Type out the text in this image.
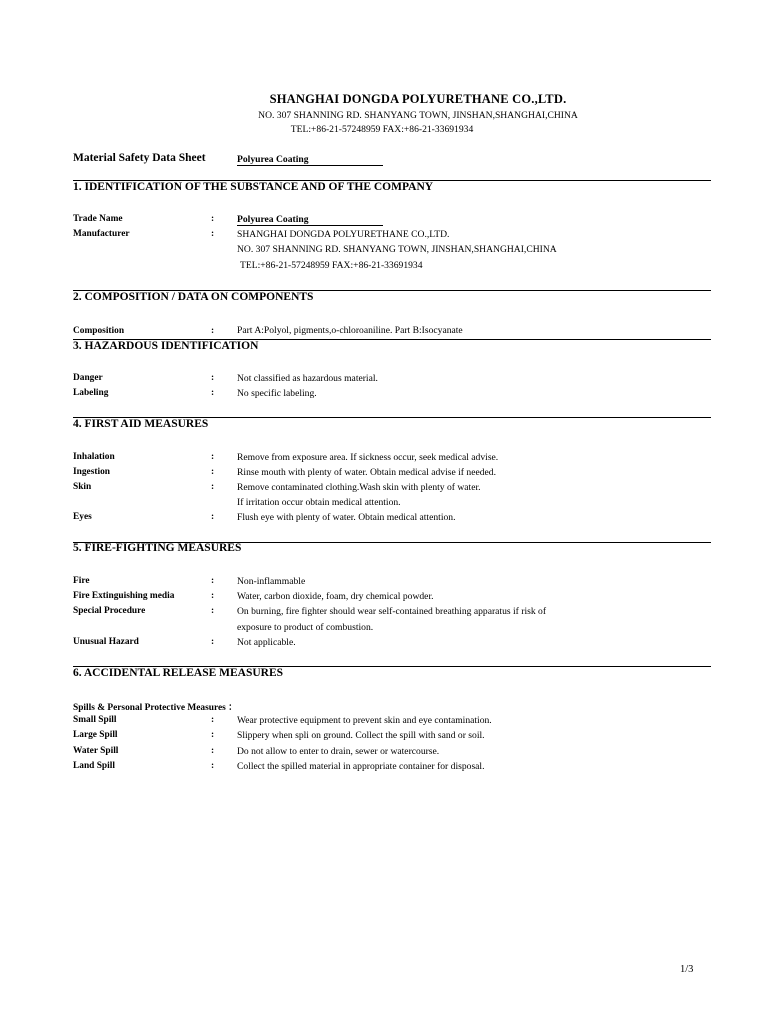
SHANGHAI DONGDA POLYURETHANE CO.,LTD.
NO. 307 SHANNING RD. SHANYANG TOWN, JINSHAN,SHANGHAI,CHINA
TEL:+86-21-57248959 FAX:+86-21-33691934
Material Safety Data Sheet	Polyurea Coating
1. IDENTIFICATION OF THE SUBSTANCE AND OF THE COMPANY
Trade Name	: Polyurea Coating
Manufacturer	: SHANGHAI DONGDA POLYURETHANE CO.,LTD.
NO. 307 SHANNING RD. SHANYANG TOWN, JINSHAN,SHANGHAI,CHINA
TEL:+86-21-57248959 FAX:+86-21-33691934
2. COMPOSITION / DATA ON COMPONENTS
Composition	: Part A:Polyol, pigments,o-chloroaniline. Part B:Isocyanate
3. HAZARDOUS IDENTIFICATION
Danger	: Not classified as hazardous material.
Labeling	: No specific labeling.
4. FIRST AID MEASURES
Inhalation	: Remove from exposure area. If sickness occur, seek medical advise.
Ingestion	: Rinse mouth with plenty of water. Obtain medical advise if needed.
Skin	: Remove contaminated clothing.Wash skin with plenty of water.
If irritation occur obtain medical attention.
Eyes	: Flush eye with plenty of water. Obtain medical attention.
5. FIRE-FIGHTING MEASURES
Fire	: Non-inflammable
Fire Extinguishing media	: Water, carbon dioxide, foam, dry chemical powder.
Special Procedure	: On burning, fire fighter should wear self-contained breathing apparatus if risk of
exposure to product of combustion.
Unusual Hazard	: Not applicable.
6. ACCIDENTAL RELEASE MEASURES
Spills & Personal Protective Measures ：
Small Spill	: Wear protective equipment to prevent skin and eye contamination.
Large Spill	: Slippery when spli on ground. Collect the spill with sand or soil.
Water Spill	: Do not allow to enter to drain, sewer or watercourse.
Land Spill	: Collect the spilled material in appropriate container for disposal.
1/3
